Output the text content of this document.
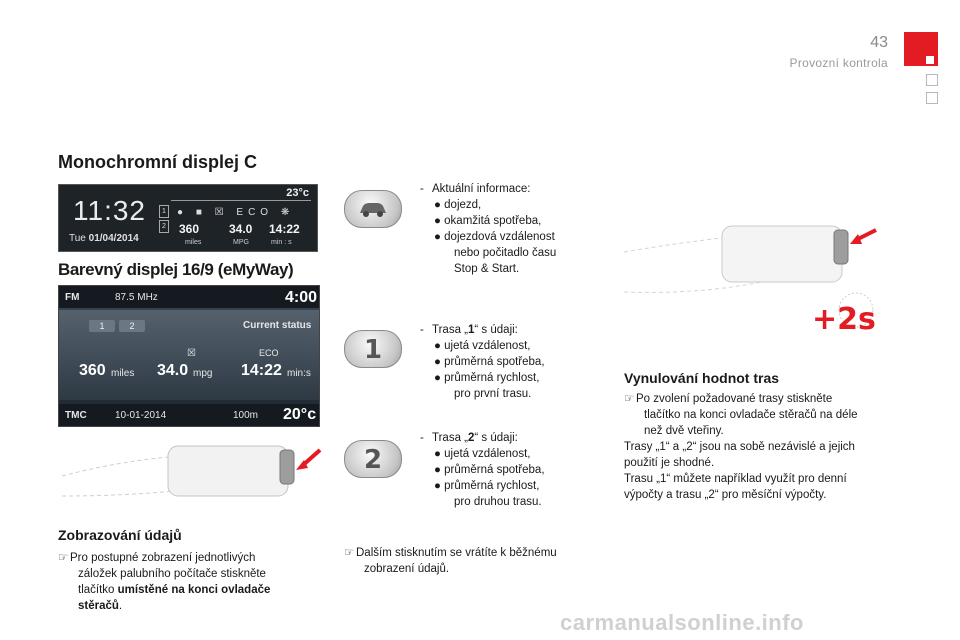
43
Provozní kontrola
Monochromní displej C
11:32
Tue 01/04/2014
1
2
23°c
● ■ ☒ ECO ❋
360
miles
34.0
MPG
14:22
min : s
Barevný displej 16/9 (eMyWay)
FM	87.5 MHz	4:00
1	2	Current status
☒	ECO
360 miles 34.0 mpg 14:22 min:s
TMC	10-01-2014	100m 20°c
Zobrazování údajů
☞ Pro postupné zobrazení jednotlivých
záložek palubního počítače stiskněte
tlačítko umístěné na konci ovladače
stěračů.
- Aktuální informace:
● dojezd,
● okamžitá spotřeba,
● dojezdová vzdálenost
nebo počitadlo času
Stop & Start.
1
- Trasa „1“ s údaji:
● ujetá vzdálenost,
● průměrná spotřeba,
● průměrná rychlost,
pro první trasu.
2
- Trasa „2“ s údaji:
● ujetá vzdálenost,
● průměrná spotřeba,
● průměrná rychlost,
pro druhou trasu.
☞ Dalším stisknutím se vrátíte k běžnému
zobrazení údajů.
+2s
Vynulování hodnot tras
☞ Po zvolení požadované trasy stiskněte
tlačítko na konci ovladače stěračů na déle
než dvě vteřiny.
Trasy „1“ a „2“ jsou na sobě nezávislé a jejich
použití je shodné.
Trasu „1“ můžete například využít pro denní
výpočty a trasu „2“ pro měsíční výpočty.
carmanualsonline.info
